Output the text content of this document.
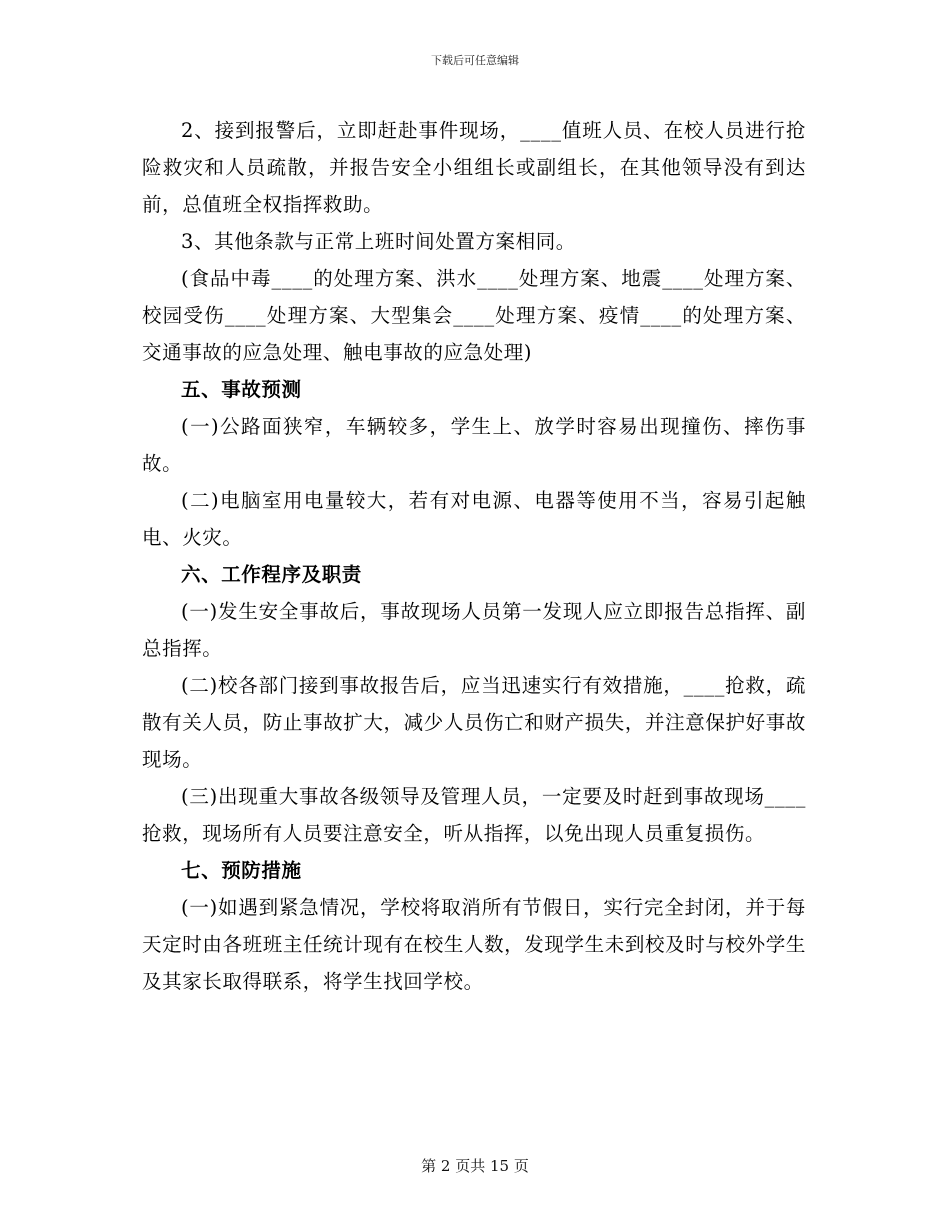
下载后可任意编辑

2、接到报警后，立即赶赴事件现场，____值班人员、在校人员进行抢险救灾和人员疏散，并报告安全小组组长或副组长，在其他领导没有到达前，总值班全权指挥救助。

3、其他条款与正常上班时间处置方案相同。

(食品中毒____的处理方案、洪水____处理方案、地震____处理方案、校园受伤____处理方案、大型集会____处理方案、疫情____的处理方案、交通事故的应急处理、触电事故的应急处理)

五、事故预测

(一)公路面狭窄，车辆较多，学生上、放学时容易出现撞伤、摔伤事故。

(二)电脑室用电量较大，若有对电源、电器等使用不当，容易引起触电、火灾。

六、工作程序及职责

(一)发生安全事故后，事故现场人员第一发现人应立即报告总指挥、副总指挥。

(二)校各部门接到事故报告后，应当迅速实行有效措施，____抢救，疏散有关人员，防止事故扩大，减少人员伤亡和财产损失，并注意保护好事故现场。

(三)出现重大事故各级领导及管理人员，一定要及时赶到事故现场____抢救，现场所有人员要注意安全，听从指挥，以免出现人员重复损伤。

七、预防措施

(一)如遇到紧急情况，学校将取消所有节假日，实行完全封闭，并于每天定时由各班班主任统计现有在校生人数，发现学生未到校及时与校外学生及其家长取得联系，将学生找回学校。

第 2 页共 15 页
